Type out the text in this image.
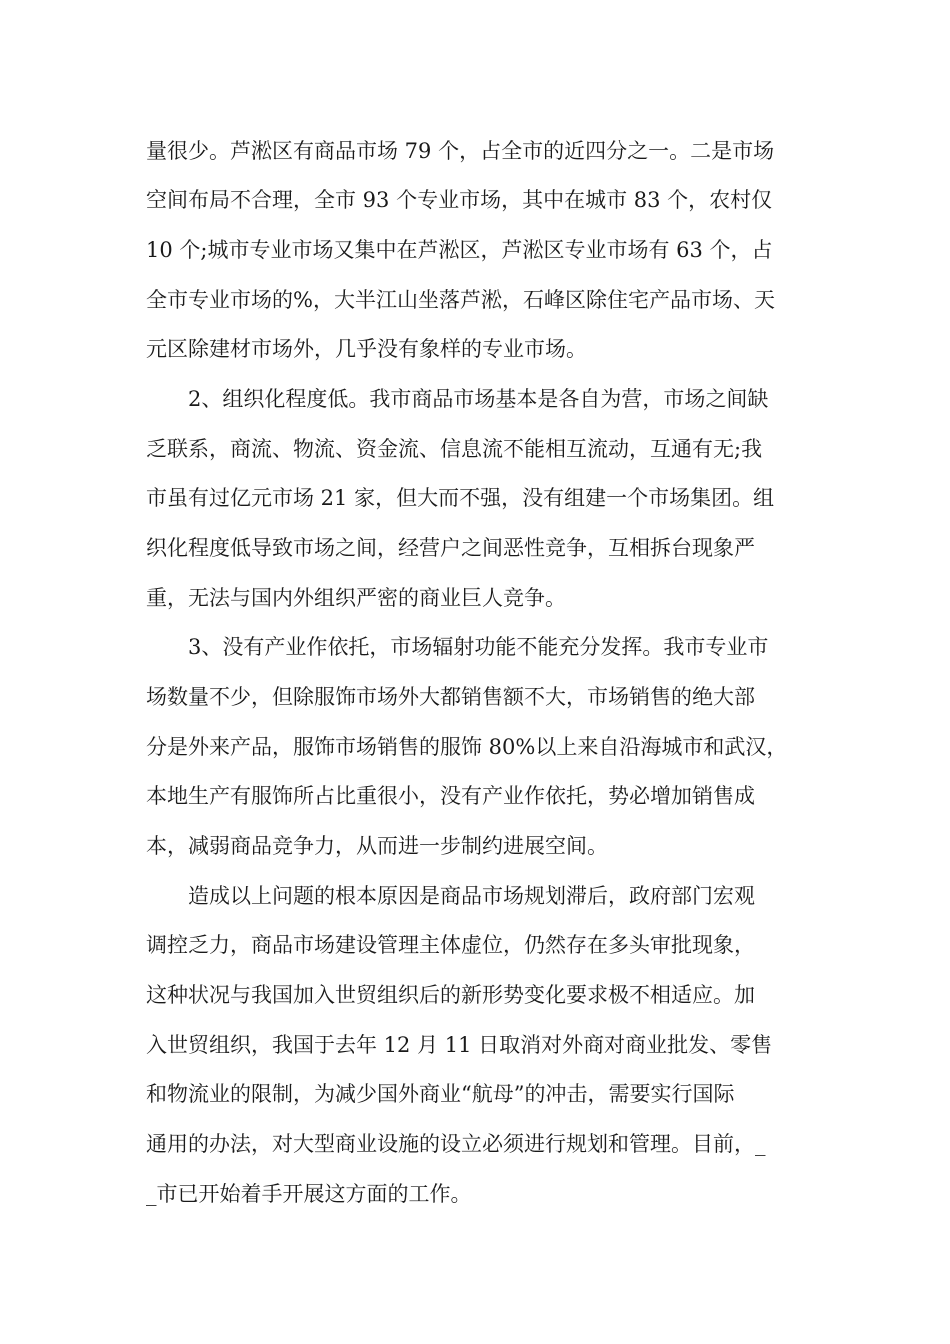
量很少。芦淞区有商品市场 79 个，占全市的近四分之一。二是市场
空间布局不合理，全市 93 个专业市场，其中在城市 83 个，农村仅
10 个;城市专业市场又集中在芦淞区，芦淞区专业市场有 63 个，占
全市专业市场的%，大半江山坐落芦淞，石峰区除住宅产品市场、天
元区除建材市场外，几乎没有象样的专业市场。
2、组织化程度低。我市商品市场基本是各自为营，市场之间缺
乏联系，商流、物流、资金流、信息流不能相互流动，互通有无;我
市虽有过亿元市场 21 家，但大而不强，没有组建一个市场集团。组
织化程度低导致市场之间，经营户之间恶性竞争，互相拆台现象严
重，无法与国内外组织严密的商业巨人竞争。
3、没有产业作依托，市场辐射功能不能充分发挥。我市专业市
场数量不少，但除服饰市场外大都销售额不大，市场销售的绝大部
分是外来产品，服饰市场销售的服饰 80%以上来自沿海城市和武汉，
本地生产有服饰所占比重很小，没有产业作依托，势必增加销售成
本，减弱商品竞争力，从而进一步制约进展空间。
造成以上问题的根本原因是商品市场规划滞后，政府部门宏观
调控乏力，商品市场建设管理主体虚位，仍然存在多头审批现象，
这种状况与我国加入世贸组织后的新形势变化要求极不相适应。加
入世贸组织，我国于去年 12 月 11 日取消对外商对商业批发、零售
和物流业的限制，为减少国外商业“航母”的冲击，需要实行国际
通用的办法，对大型商业设施的设立必须进行规划和管理。目前，_
_市已开始着手开展这方面的工作。
